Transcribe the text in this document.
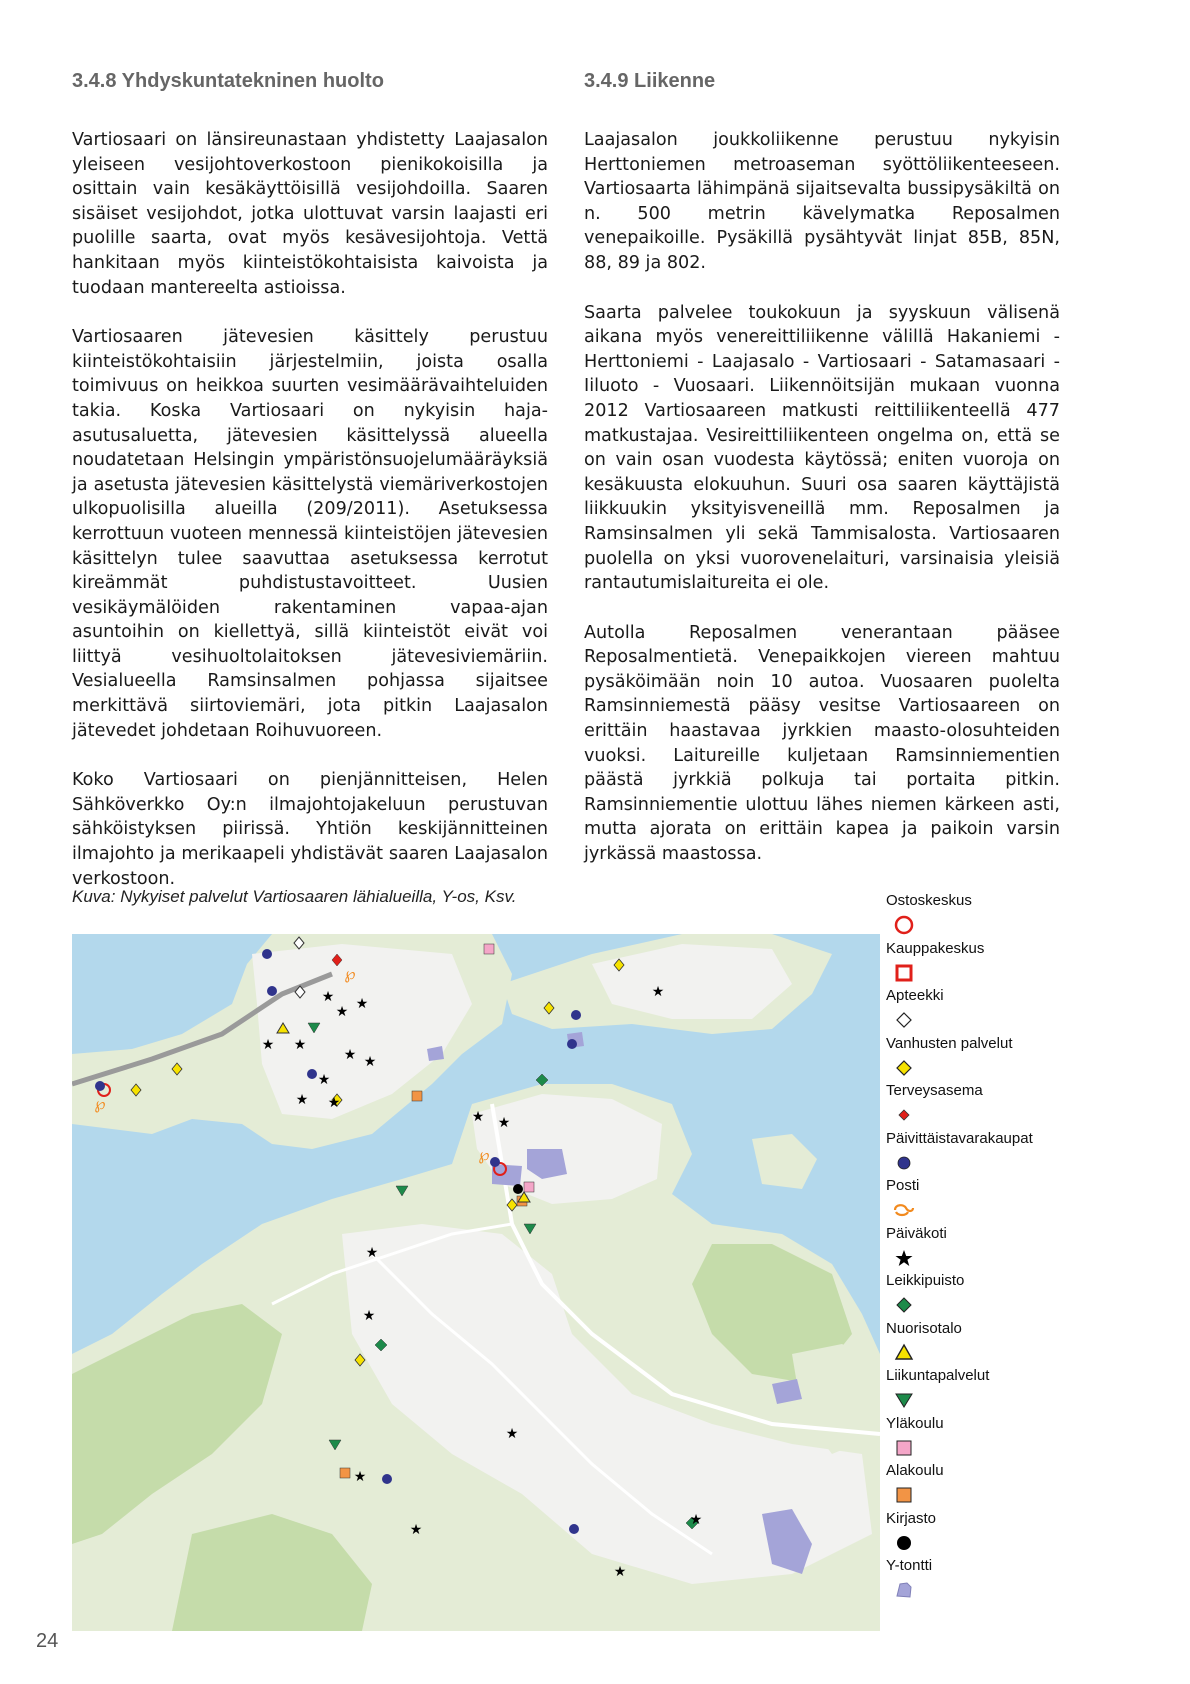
3.4.8 Yhdyskuntatekninen huolto	3.4.9 Liikenne

Vartiosaari on länsireunastaan yhdistetty Laajasalon yleiseen vesijohtoverkostoon pienikokoisilla ja osittain vain kesäkäyttöisillä vesijohdoilla. Saaren sisäiset vesijohdot, jotka ulottuvat varsin laajasti eri puolille saarta, ovat myös kesävesijohtoja. Vettä hankitaan myös kiinteistökohtaisista kaivoista ja tuodaan mantereelta astioissa.

Vartiosaaren jätevesien käsittely perustuu kiinteistökohtaisiin järjestelmiin, joista osalla toimivuus on heikkoa suurten vesimäärävaihteluiden takia. Koska Vartiosaari on nykyisin haja-asutusaluetta, jätevesien käsittelyssä alueella noudatetaan Helsingin ympäristönsuojelumääräyksiä ja asetusta jätevesien käsittelystä viemäriverkostojen ulkopuolisilla alueilla (209/2011). Asetuksessa kerrottuun vuoteen mennessä kiinteistöjen jätevesien käsittelyn tulee saavuttaa asetuksessa kerrotut kireämmät puhdistustavoitteet. Uusien vesikäymälöiden rakentaminen vapaa-ajan asuntoihin on kiellettyä, sillä kiinteistöt eivät voi liittyä vesihuoltolaitoksen jätevesiviemäriin. Vesialueella Ramsinsalmen pohjassa sijaitsee merkittävä siirtoviemäri, jota pitkin Laajasalon jätevedet johdetaan Roihuvuoreen.

Koko Vartiosaari on pienjännitteisen, Helen Sähköverkko Oy:n ilmajohtojakeluun perustuvan sähköistyksen piirissä. Yhtiön keskijännitteinen ilmajohto ja merikaapeli yhdistävät saaren Laajasalon verkostoon.

Laajasalon joukkoliikenne perustuu nykyisin Herttoniemen metroaseman syöttöliikenteeseen. Vartiosaarta lähimpänä sijaitsevalta bussipysäkiltä on n. 500 metrin kävelymatka Reposalmen venepaikoille. Pysäkillä pysähtyvät linjat 85B, 85N, 88, 89 ja 802.

Saarta palvelee toukokuun ja syyskuun välisenä aikana myös venereittiliikenne välillä Hakaniemi - Herttoniemi - Laajasalo - Vartiosaari - Satamasaari - Iiluoto - Vuosaari. Liikennöitsijän mukaan vuonna 2012 Vartiosaareen matkusti reittiliikenteellä 477 matkustajaa. Vesireittiliikenteen ongelma on, että se on vain osan vuodesta käytössä; eniten vuoroja on kesäkuusta elokuuhun. Suuri osa saaren käyttäjistä liikkuukin yksityisveneillä mm. Reposalmen ja Ramsinsalmen yli sekä Tammisalosta. Vartiosaaren puolella on yksi vuorovenelaituri, varsinaisia yleisiä rantautumislaitureita ei ole.

Autolla Reposalmen venerantaan pääsee Reposalmentietä. Venepaikkojen viereen mahtuu pysäköimään noin 10 autoa. Vuosaaren puolelta Ramsinniemestä pääsy vesitse Vartiosaareen on erittäin haastavaa jyrkkien maasto-olosuhteiden vuoksi. Laitureille kuljetaan Ramsinniementien päästä jyrkkiä polkuja tai portaita pitkin. Ramsinniementie ulottuu lähes niemen kärkeen asti, mutta ajorata on erittäin kapea ja paikoin varsin jyrkässä maastossa.

Kuva: Nykyiset palvelut Vartiosaaren lähialueilla, Y-os, Ksv.

★
★ ★
★ ★
★ ★
★
★ ★
★
★ ★
★
★
★
★
★
★
★
℘
℘
℘
Ostoskeskus
Kauppakeskus
Apteekki
Vanhusten palvelut
Terveysasema
Päivittäistavarakaupat
Posti
Päiväkoti
Leikkipuisto
Nuorisotalo
Liikuntapalvelut
Yläkoulu
Alakoulu
Kirjasto
Y-tontti
24
